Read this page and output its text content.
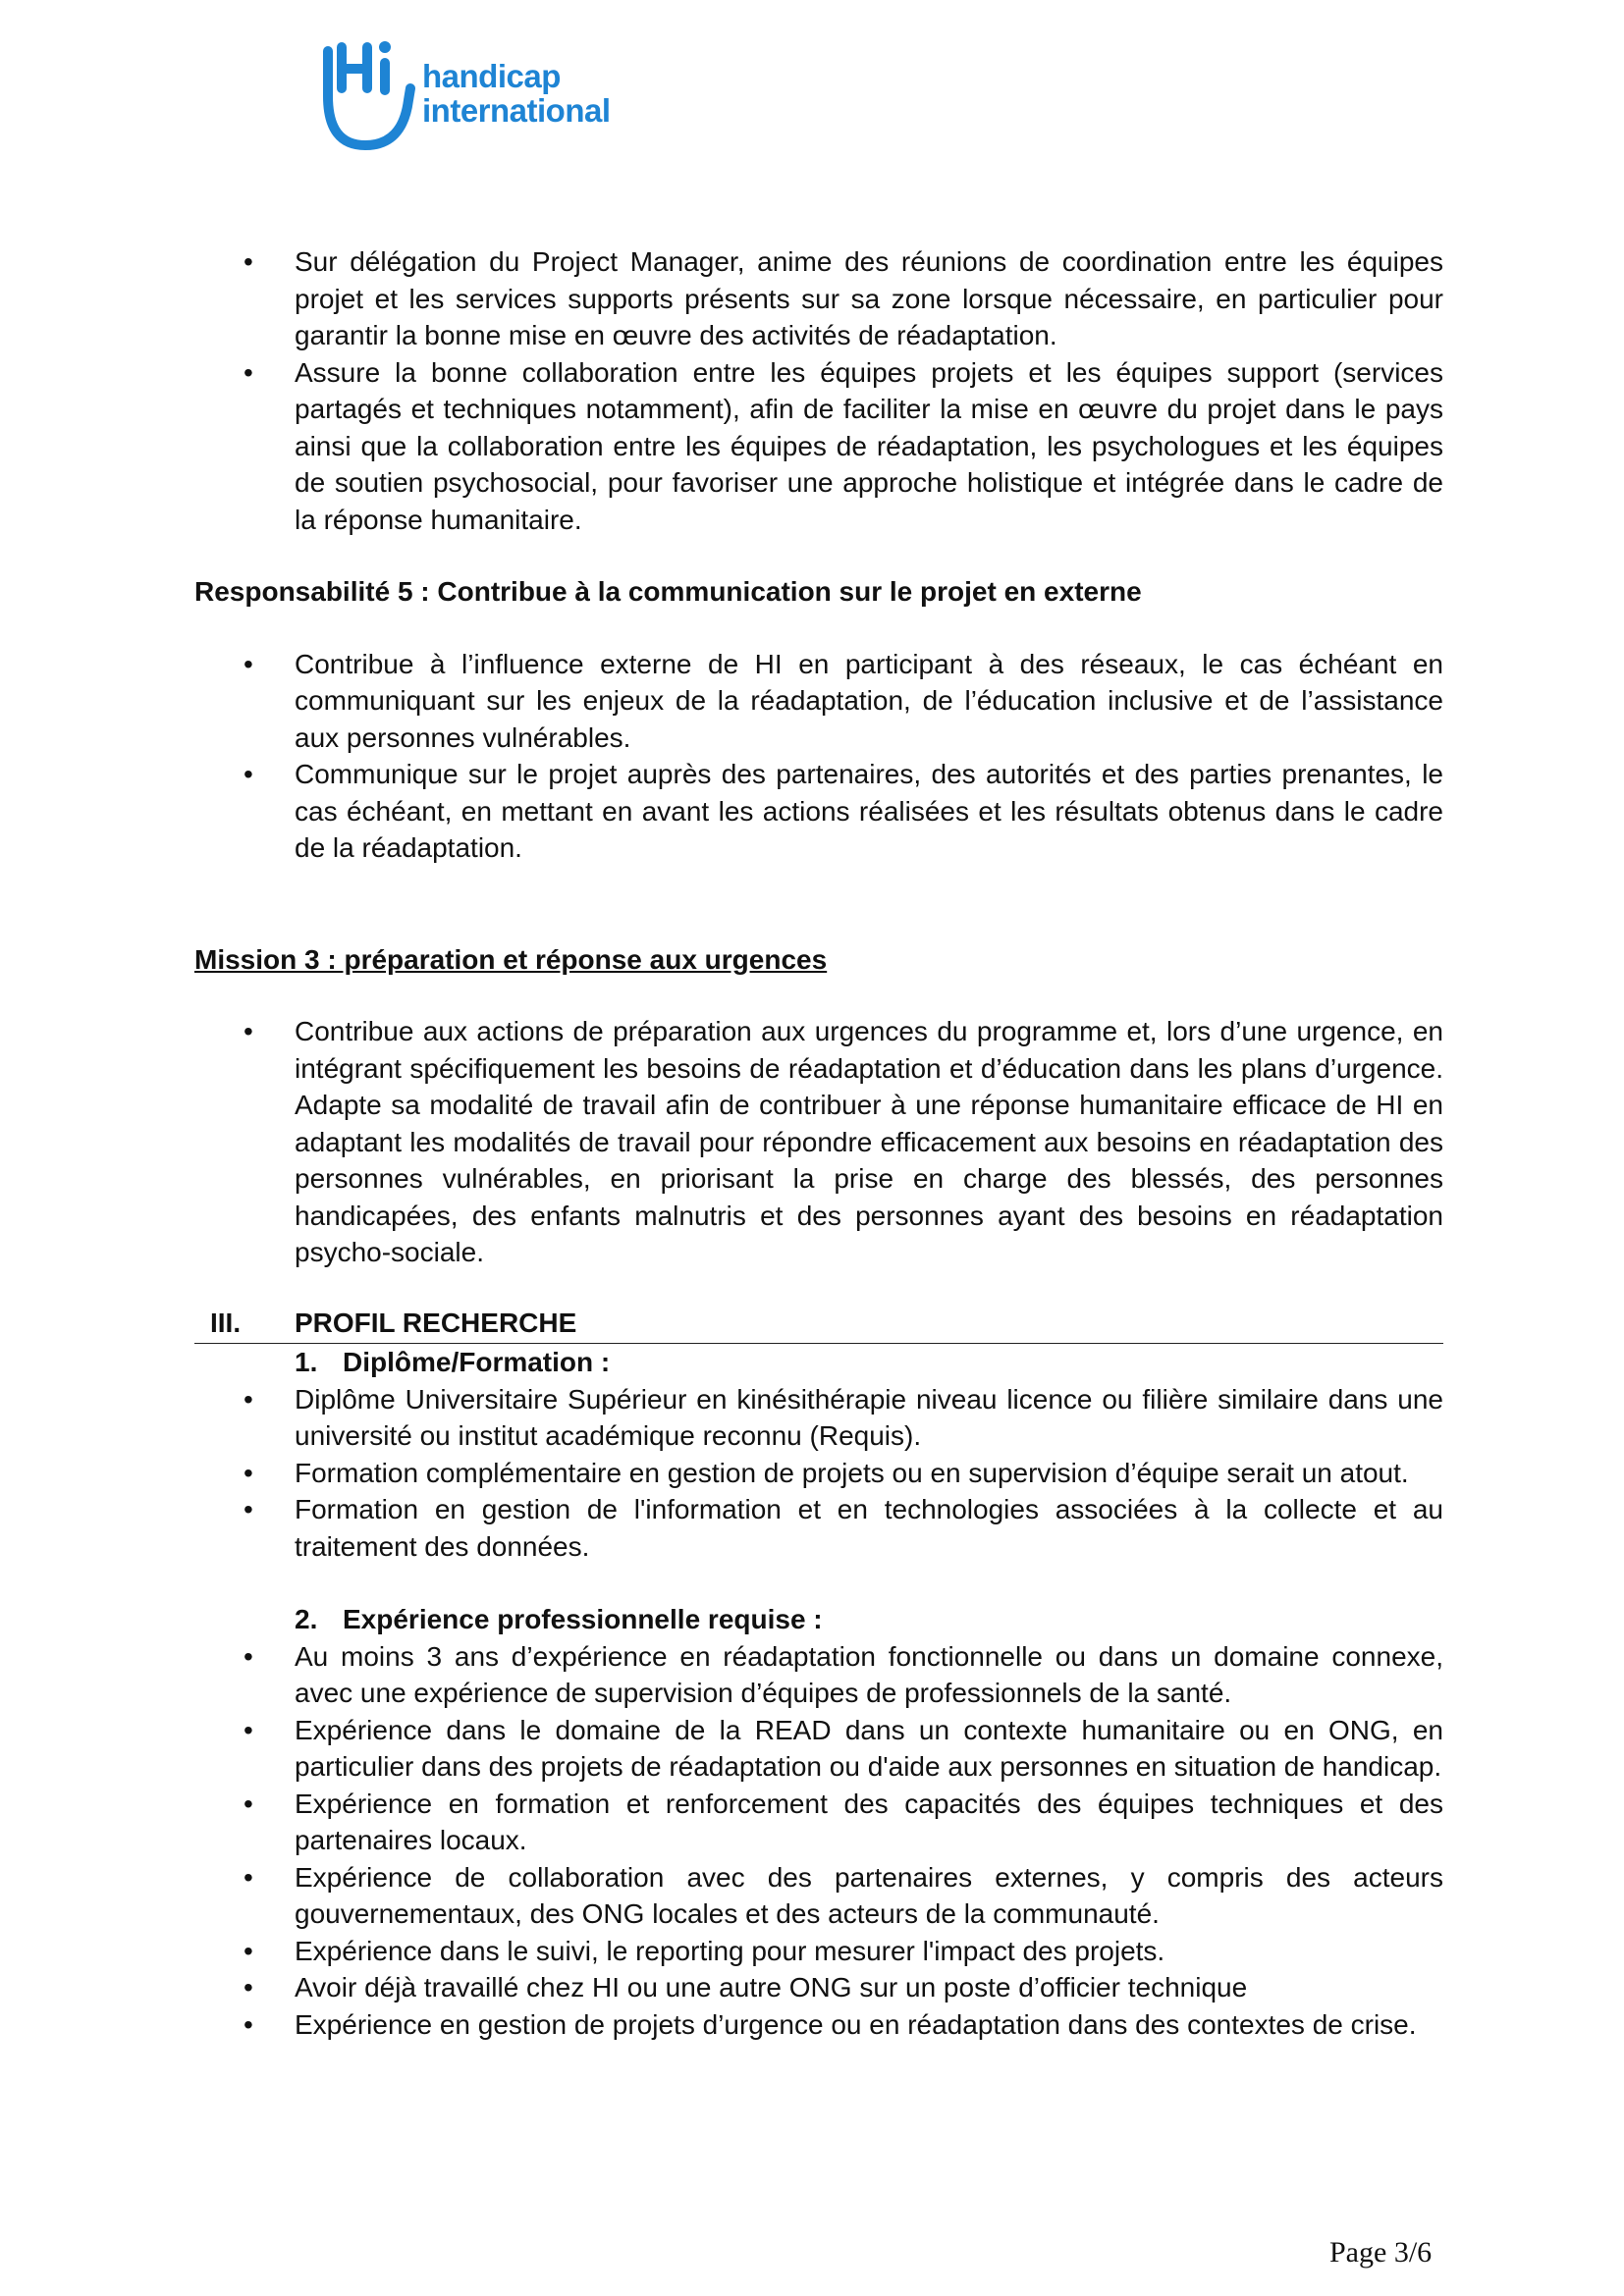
handicap
international
• Sur délégation du Project Manager, anime des réunions de coordination entre les équipes projet et les services supports présents sur sa zone lorsque nécessaire, en particulier pour garantir la bonne mise en œuvre des activités de réadaptation.
• Assure la bonne collaboration entre les équipes projets et les équipes support (services partagés et techniques notamment), afin de faciliter la mise en œuvre du projet dans le pays ainsi que la collaboration entre les équipes de réadaptation, les psychologues et les équipes de soutien psychosocial, pour favoriser une approche holistique et intégrée dans le cadre de la réponse humanitaire.
Responsabilité 5 : Contribue à la communication sur le projet en externe
• Contribue à l’influence externe de HI en participant à des réseaux, le cas échéant en communiquant sur les enjeux de la réadaptation, de l’éducation inclusive et de l’assistance aux personnes vulnérables.
• Communique sur le projet auprès des partenaires, des autorités et des parties prenantes, le cas échéant, en mettant en avant les actions réalisées et les résultats obtenus dans le cadre de la réadaptation.
Mission 3 : préparation et réponse aux urgences
• Contribue aux actions de préparation aux urgences du programme et, lors d’une urgence, en intégrant spécifiquement les besoins de réadaptation et d’éducation dans les plans d’urgence. Adapte sa modalité de travail afin de contribuer à une réponse humanitaire efficace de HI en adaptant les modalités de travail pour répondre efficacement aux besoins en réadaptation des personnes vulnérables, en priorisant la prise en charge des blessés, des personnes handicapées, des enfants malnutris et des personnes ayant des besoins en réadaptation psycho-sociale.
III.	PROFIL RECHERCHE
1. Diplôme/Formation :
• Diplôme Universitaire Supérieur en kinésithérapie niveau licence ou filière similaire dans une université ou institut académique reconnu (Requis).
• Formation complémentaire en gestion de projets ou en supervision d’équipe serait un atout.
• Formation en gestion de l'information et en technologies associées à la collecte et au traitement des données.
2. Expérience professionnelle requise :
• Au moins 3 ans d’expérience en réadaptation fonctionnelle ou dans un domaine connexe, avec une expérience de supervision d’équipes de professionnels de la santé.
• Expérience dans le domaine de la READ dans un contexte humanitaire ou en ONG, en particulier dans des projets de réadaptation ou d'aide aux personnes en situation de handicap.
• Expérience en formation et renforcement des capacités des équipes techniques et des partenaires locaux.
• Expérience de collaboration avec des partenaires externes, y compris des acteurs gouvernementaux, des ONG locales et des acteurs de la communauté.
• Expérience dans le suivi, le reporting pour mesurer l'impact des projets.
• Avoir déjà travaillé chez HI ou une autre ONG sur un poste d’officier technique
• Expérience en gestion de projets d’urgence ou en réadaptation dans des contextes de crise.
Page 3/6
